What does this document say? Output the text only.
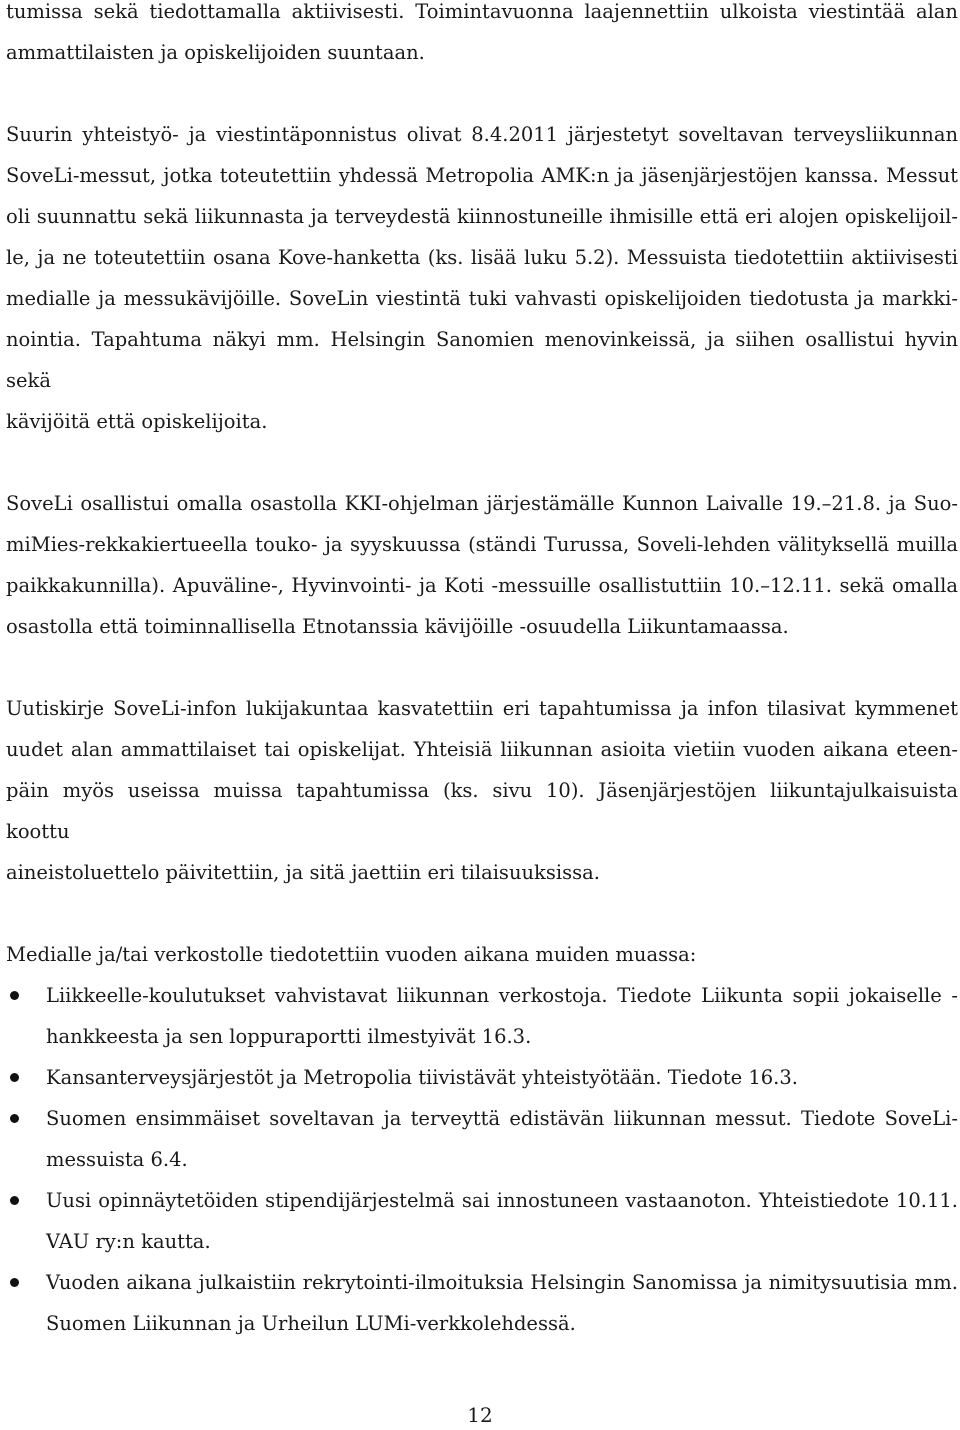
tumissa sekä tiedottamalla aktiivisesti. Toimintavuonna laajennettiin ulkoista viestintää alan
ammattilaisten ja opiskelijoiden suuntaan.
Suurin yhteistyö- ja viestintäponnistus olivat 8.4.2011 järjestetyt soveltavan terveysliikunnan
SoveLi-messut, jotka toteutettiin yhdessä Metropolia AMK:n ja jäsenjärjestöjen kanssa. Messut
oli suunnattu sekä liikunnasta ja terveydestä kiinnostuneille ihmisille että eri alojen opiskelijoil-
le, ja ne toteutettiin osana Kove-hanketta (ks. lisää luku 5.2). Messuista tiedotettiin aktiivisesti
medialle ja messukävijöille. SoveLin viestintä tuki vahvasti opiskelijoiden tiedotusta ja markki-
nointia. Tapahtuma näkyi mm. Helsingin Sanomien menovinkeissä, ja siihen osallistui hyvin sekä
kävijöitä että opiskelijoita.
SoveLi osallistui omalla osastolla KKI-ohjelman järjestämälle Kunnon Laivalle 19.–21.8. ja Suo-
miMies-rekkakiertueella touko- ja syyskuussa (ständi Turussa, Soveli-lehden välityksellä muilla
paikkakunnilla). Apuväline-, Hyvinvointi- ja Koti -messuille osallistuttiin 10.–12.11. sekä omalla
osastolla että toiminnallisella Etnotanssia kävijöille -osuudella Liikuntamaassa.
Uutiskirje SoveLi-infon lukijakuntaa kasvatettiin eri tapahtumissa ja infon tilasivat kymmenet
uudet alan ammattilaiset tai opiskelijat. Yhteisiä liikunnan asioita vietiin vuoden aikana eteen-
päin myös useissa muissa tapahtumissa (ks. sivu 10). Jäsenjärjestöjen liikuntajulkaisuista koottu
aineistoluettelo päivitettiin, ja sitä jaettiin eri tilaisuuksissa.
Medialle ja/tai verkostolle tiedotettiin vuoden aikana muiden muassa:
Liikkeelle-koulutukset vahvistavat liikunnan verkostoja. Tiedote Liikunta sopii jokaiselle -
hankkeesta ja sen loppuraportti ilmestyivät 16.3.
Kansanterveysjärjestöt ja Metropolia tiivistävät yhteistyötään. Tiedote 16.3.
Suomen ensimmäiset soveltavan ja terveyttä edistävän liikunnan messut. Tiedote SoveLi-
messuista 6.4.
Uusi opinnäytetöiden stipendijärjestelmä sai innostuneen vastaanoton. Yhteistiedote 10.11.
VAU ry:n kautta.
Vuoden aikana julkaistiin rekrytointi-ilmoituksia Helsingin Sanomissa ja nimitysuutisia mm.
Suomen Liikunnan ja Urheilun LUMi-verkkolehdessä.
12
